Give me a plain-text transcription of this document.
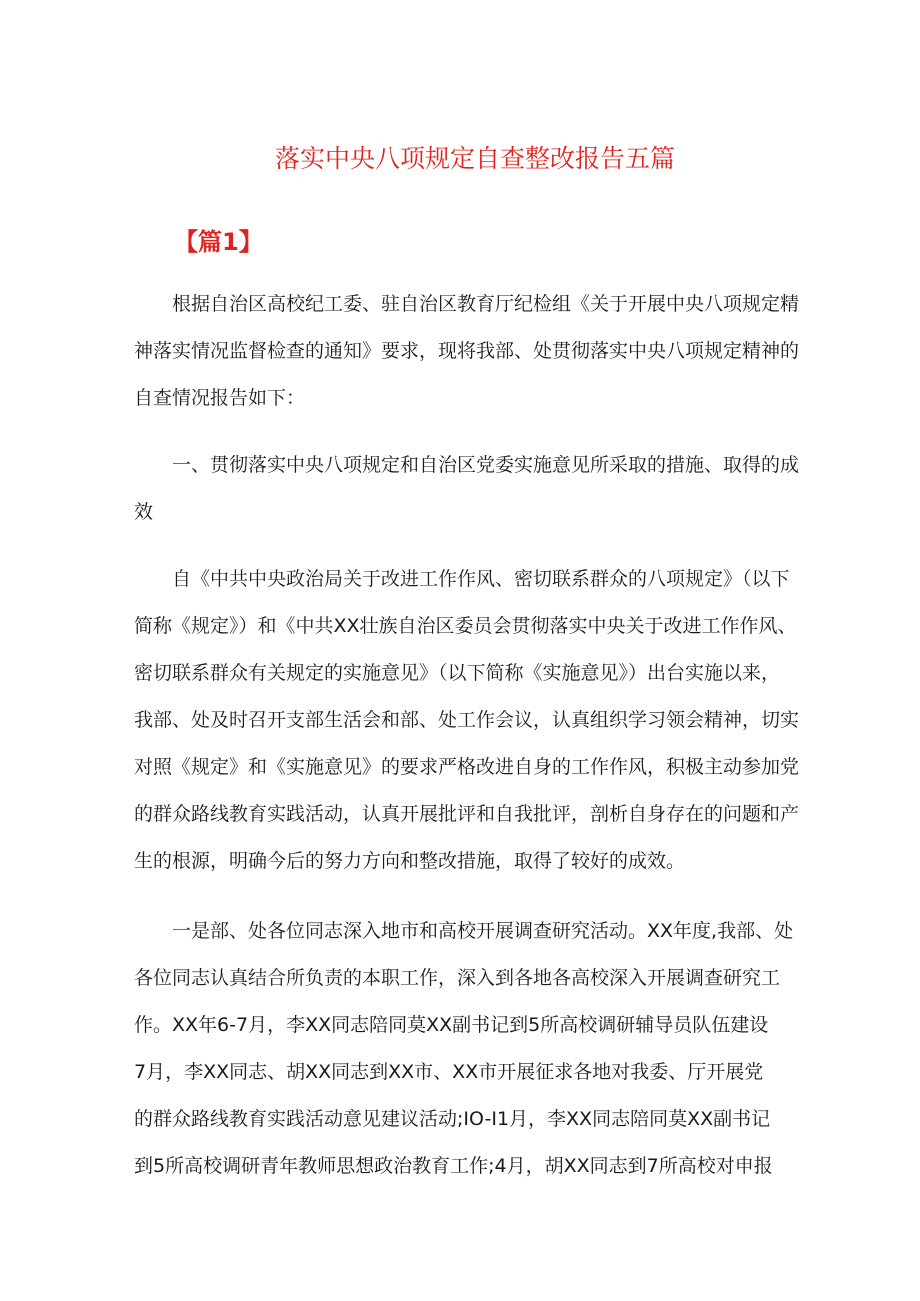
落实中央八项规定自查整改报告五篇
【篇1】
根据自治区高校纪工委、驻自治区教育厅纪检组《关于开展中央八项规定精
神落实情况监督检查的通知》要求，现将我部、处贯彻落实中央八项规定精神的
自查情况报告如下：
一、贯彻落实中央八项规定和自治区党委实施意见所采取的措施、取得的成
效
自《中共中央政治局关于改进工作作风、密切联系群众的八项规定》（以下
简称《规定》）和《中共XX壮族自治区委员会贯彻落实中央关于改进工作作风、
密切联系群众有关规定的实施意见》（以下简称《实施意见》）出台实施以来，
我部、处及时召开支部生活会和部、处工作会议，认真组织学习领会精神，切实
对照《规定》和《实施意见》的要求严格改进自身的工作作风，积极主动参加党
的群众路线教育实践活动，认真开展批评和自我批评，剖析自身存在的问题和产
生的根源，明确今后的努力方向和整改措施，取得了较好的成效。
一是部、处各位同志深入地市和高校开展调查研究活动。XX年度,我部、处
各位同志认真结合所负责的本职工作，深入到各地各高校深入开展调查研究工
作。XX年6-7月，李XX同志陪同莫XX副书记到5所高校调研辅导员队伍建设
7月，李XX同志、胡XX同志到XX市、XX市开展征求各地对我委、厅开展党
的群众路线教育实践活动意见建议活动;IO-I1月，李XX同志陪同莫XX副书记
到5所高校调研青年教师思想政治教育工作;4月，胡XX同志到7所高校对申报
